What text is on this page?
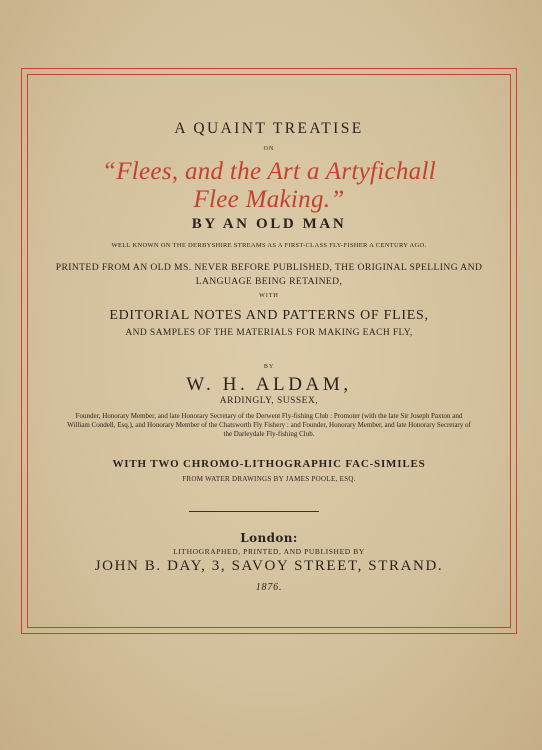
A QUAINT TREATISE
ON
“Flees, and the Art a Artyfichall
Flee Making.”
BY AN OLD MAN
WELL KNOWN ON THE DERBYSHIRE STREAMS AS A FIRST-CLASS FLY-FISHER A CENTURY AGO.
PRINTED FROM AN OLD MS. NEVER BEFORE PUBLISHED, THE ORIGINAL SPELLING AND LANGUAGE BEING RETAINED,
WITH
EDITORIAL NOTES AND PATTERNS OF FLIES,
AND SAMPLES OF THE MATERIALS FOR MAKING EACH FLY,
BY
W. H. ALDAM,
ARDINGLY, SUSSEX,
Founder, Honorary Member, and late Honorary Secretary of the Derwent Fly-fishing Club : Promoter (with the late Sir Joseph Paxton and William Condell, Esq.), and Honorary Member of the Chatsworth Fly Fishery : and Founder, Honorary Member, and late Honorary Secretary of the Darleydale Fly-fishing Club.
WITH TWO CHROMO-LITHOGRAPHIC FAC-SIMILES
FROM WATER DRAWINGS BY JAMES POOLE, ESQ.
London:
LITHOGRAPHED, PRINTED, AND PUBLISHED BY
JOHN B. DAY, 3, SAVOY STREET, STRAND.
1876.
